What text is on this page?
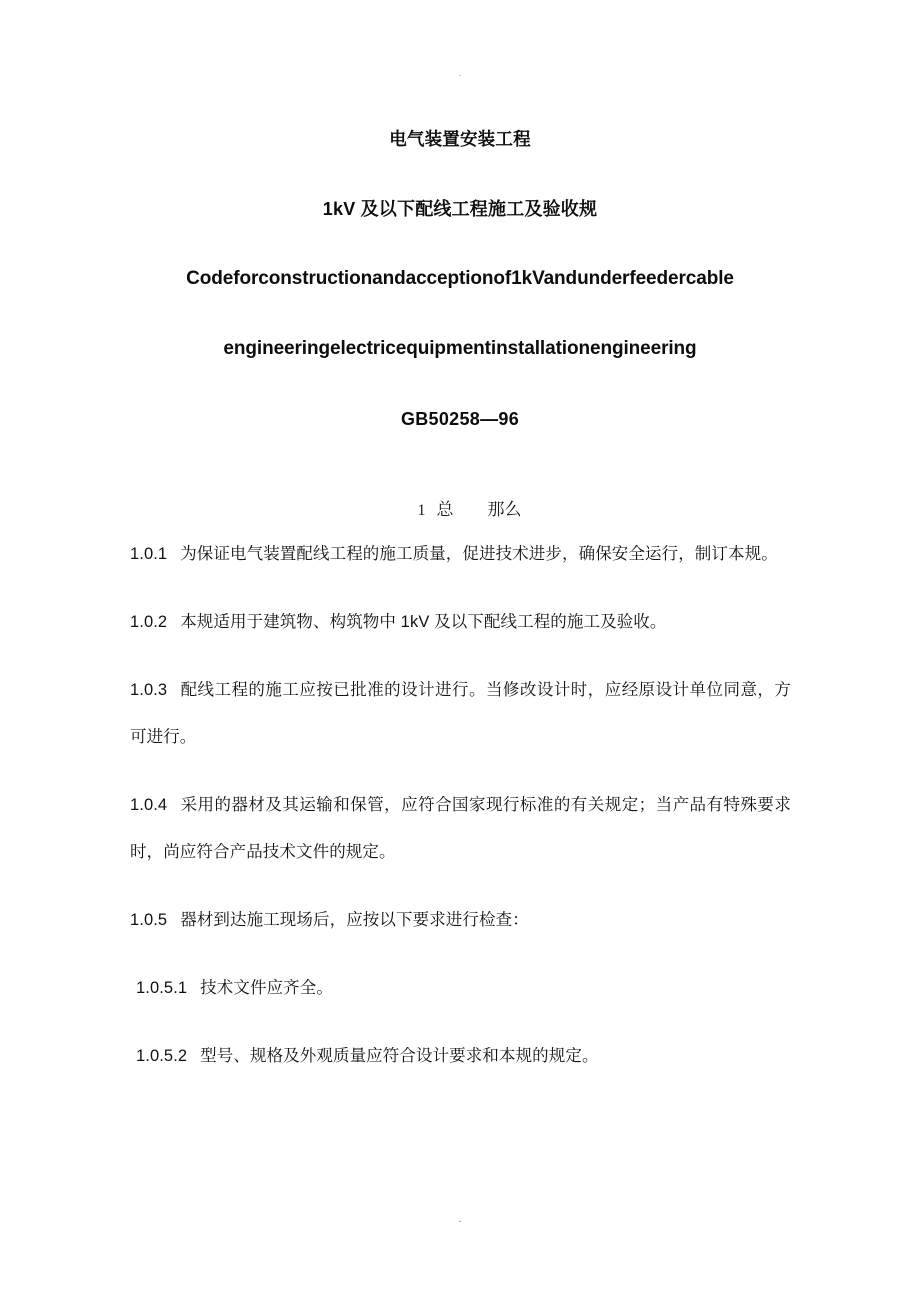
·
电气装置安装工程
1kV 及以下配线工程施工及验收规
Codeforconstructionandacceptionof1kVandunderfeedercable
engineeringelectricequipmentinstallationengineering
GB50258—96

1 总 那么

1.0.1 为保证电气装置配线工程的施工质量，促进技术进步，确保安全运行，制订本规。

1.0.2 本规适用于建筑物、构筑物中 1kV 及以下配线工程的施工及验收。

1.0.3 配线工程的施工应按已批准的设计进行。当修改设计时，应经原设计单位同意，方可进行。

1.0.4 采用的器材及其运输和保管，应符合国家现行标准的有关规定；当产品有特殊要求时，尚应符合产品技术文件的规定。

1.0.5 器材到达施工现场后，应按以下要求进行检查：

1.0.5.1 技术文件应齐全。

1.0.5.2 型号、规格及外观质量应符合设计要求和本规的规定。

-
